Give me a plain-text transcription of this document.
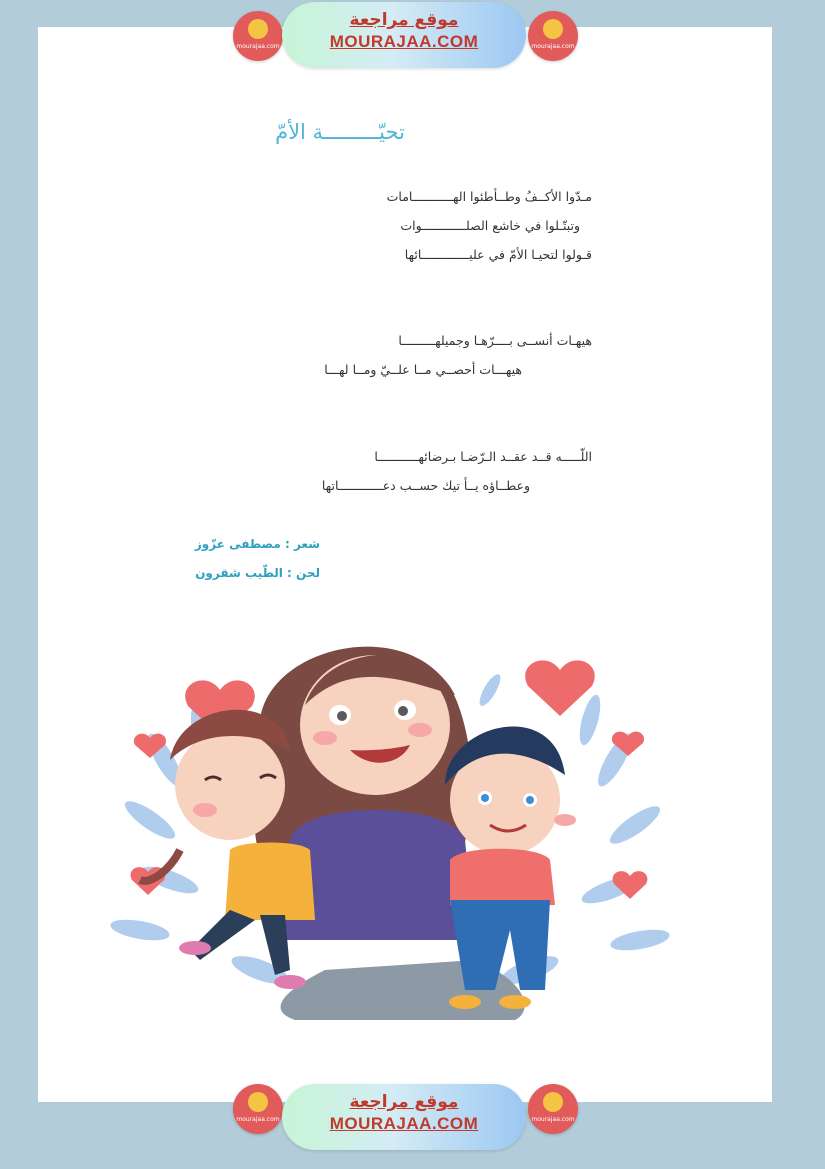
mourajaa.com
موقع مراجعة
MOURAJAA.COM	mourajaa.com
تحيّـــــــــة الأمّ
مـدّوا الأكــفُ وطــأطئوا الهـــــــــــامات
وتبتّـلوا في خاشع الصلــــــــــــوات
قـولوا لتحيـا الأمّ في عليـــــــــــــائها
هيهـات أنســى بــــرّهـا وجميلهـــــــــا
هيهـــات أحصــي مــا علــيّ ومــا لهـــا
اللّـــــه قــد عقــد الـرّضـا بـرضائهـــــــــــا
وعطــاؤه يــأ تيك حســب دعــــــــــــاتها
شعر : مصطفى عزّوز
لحن : الطّيب شقرون
mourajaa.com
موقع مراجعة
MOURAJAA.COM	mourajaa.com
